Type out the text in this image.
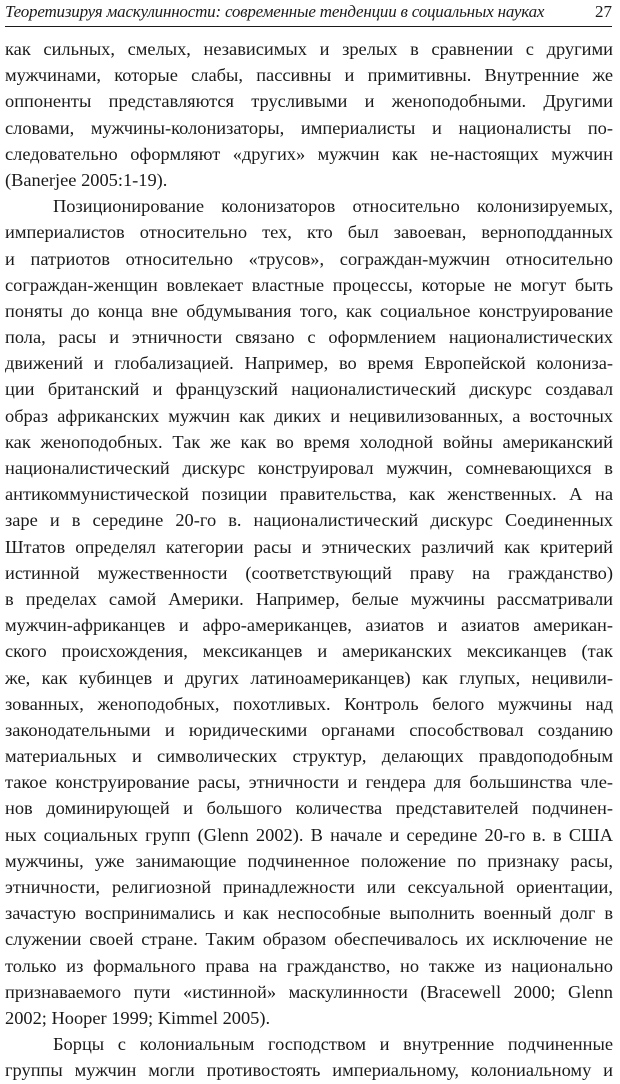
Теоретизируя маскулинности: современные тенденции в социальных науках	27
как сильных, смелых, независимых и зрелых в сравнении с другими
мужчинами, которые слабы, пассивны и примитивны. Внутренние же
оппоненты представляются трусливыми и женоподобными. Другими
словами, мужчины-колонизаторы, империалисты и националисты по-
следовательно оформляют «других» мужчин как не-настоящих мужчин
(Banerjee 2005:1-19).
Позиционирование колонизаторов относительно колонизируемых,
империалистов относительно тех, кто был завоеван, верноподданных
и патриотов относительно «трусов», сограждан-мужчин относительно
сограждан-женщин вовлекает властные процессы, которые не могут быть
поняты до конца вне обдумывания того, как социальное конструирование
пола, расы и этничности связано с оформлением националистических
движений и глобализацией. Например, во время Европейской колониза-
ции британский и французский националистический дискурс создавал
образ африканских мужчин как диких и нецивилизованных, а восточных
как женоподобных. Так же как во время холодной войны американский
националистический дискурс конструировал мужчин, сомневающихся в
антикоммунистической позиции правительства, как женственных. А на
заре и в середине 20-го в. националистический дискурс Соединенных
Штатов определял категории расы и этнических различий как критерий
истинной мужественности (соответствующий праву на гражданство)
в пределах самой Америки. Например, белые мужчины рассматривали
мужчин-африканцев и афро-американцев, азиатов и азиатов американ-
ского происхождения, мексиканцев и американских мексиканцев (так
же, как кубинцев и других латиноамериканцев) как глупых, нецивили-
зованных, женоподобных, похотливых. Контроль белого мужчины над
законодательными и юридическими органами способствовал созданию
материальных и символических структур, делающих правдоподобным
такое конструирование расы, этничности и гендера для большинства чле-
нов доминирующей и большого количества представителей подчинен-
ных социальных групп (Glenn 2002). В начале и середине 20-го в. в США
мужчины, уже занимающие подчиненное положение по признаку расы,
этничности, религиозной принадлежности или сексуальной ориентации,
зачастую воспринимались и как неспособные выполнить военный долг в
служении своей стране. Таким образом обеспечивалось их исключение не
только из формального права на гражданство, но также из национально
признаваемого пути «истинной» маскулинности (Bracewell 2000; Glenn
2002; Hooper 1999; Kimmel 2005).
Борцы с колониальным господством и внутренние подчиненные
группы мужчин могли противостоять империальному, колониальному и
